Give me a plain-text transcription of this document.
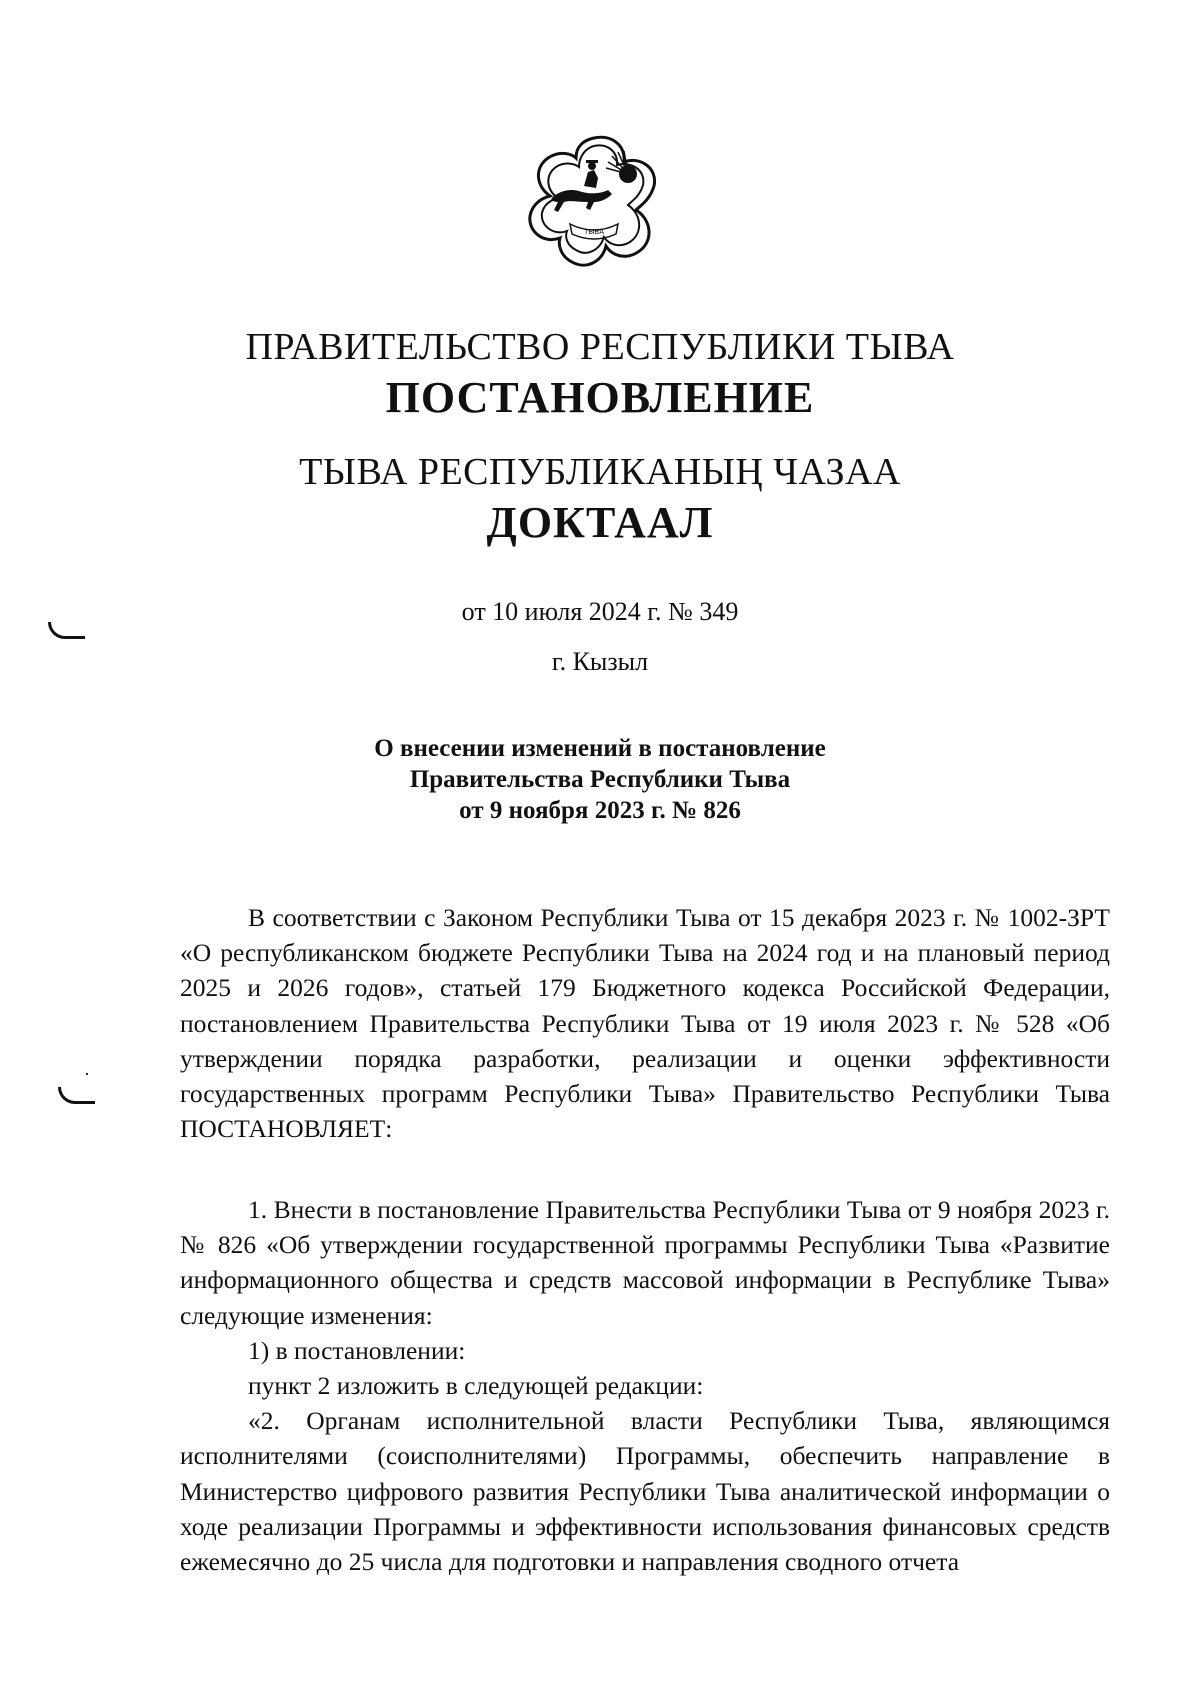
ТЫВА
ПРАВИТЕЛЬСТВО РЕСПУБЛИКИ ТЫВА
ПОСТАНОВЛЕНИЕ
ТЫВА РЕСПУБЛИКАНЫҢ ЧАЗАА
ДОКТААЛ
от 10 июля 2024 г. № 349
г. Кызыл
О внесении изменений в постановление
Правительства Республики Тыва
от 9 ноября 2023 г. № 826

В соответствии с Законом Республики Тыва от 15 декабря 2023 г. № 1002-ЗРТ «О республиканском бюджете Республики Тыва на 2024 год и на плановый период 2025 и 2026 годов», статьей 179 Бюджетного кодекса Российской Федерации, постановлением Правительства Республики Тыва от 19 июля 2023 г. № 528 «Об утверждении порядка разработки, реализации и оценки эффективности государственных программ Республики Тыва» Правительство Республики Тыва ПОСТАНОВЛЯЕТ:

1. Внести в постановление Правительства Республики Тыва от 9 ноября 2023 г. № 826 «Об утверждении государственной программы Республики Тыва «Развитие информационного общества и средств массовой информации в Республике Тыва» следующие изменения:

1) в постановлении:

пункт 2 изложить в следующей редакции:

«2. Органам исполнительной власти Республики Тыва, являющимся исполнителями (соисполнителями) Программы, обеспечить направление в Министерство цифрового развития Республики Тыва аналитической информации о ходе реализации Программы и эффективности использования финансовых средств ежемесячно до 25 числа для подготовки и направления сводного отчета
